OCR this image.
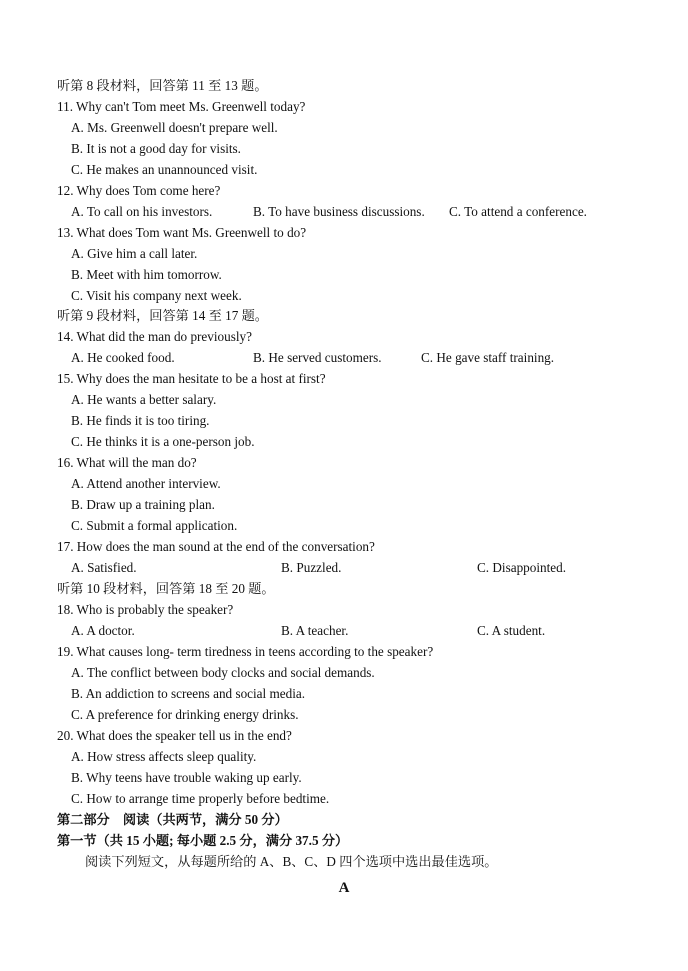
听第 8 段材料，回答第 11 至 13 题。
11. Why can't Tom meet Ms. Greenwell today?
A. Ms. Greenwell doesn't prepare well.
B. It is not a good day for visits.
C. He makes an unannounced visit.
12. Why does Tom come here?
A. To call on his investors.	B. To have business discussions. C. To attend a conference.
13. What does Tom want Ms. Greenwell to do?
A. Give him a call later.
B. Meet with him tomorrow.
C. Visit his company next week.
听第 9 段材料，回答第 14 至 17 题。
14. What did the man do previously?
A. He cooked food.	B. He served customers.	C. He gave staff training.
15. Why does the man hesitate to be a host at first?
A. He wants a better salary.
B. He finds it is too tiring.
C. He thinks it is a one-person job.
16. What will the man do?
A. Attend another interview.
B. Draw up a training plan.
C. Submit a formal application.
17. How does the man sound at the end of the conversation?
A. Satisfied.	B. Puzzled.	C. Disappointed.
听第 10 段材料，回答第 18 至 20 题。
18. Who is probably the speaker?
A. A doctor.	B. A teacher.	C. A student.
19. What causes long- term tiredness in teens according to the speaker?
A. The conflict between body clocks and social demands.
B. An addiction to screens and social media.
C. A preference for drinking energy drinks.
20. What does the speaker tell us in the end?
A. How stress affects sleep quality.
B. Why teens have trouble waking up early.
C. How to arrange time properly before bedtime.
第二部分　阅读（共两节，满分 50 分）
第一节（共 15 小题; 每小题 2.5 分，满分 37.5 分）
阅读下列短文，从每题所给的 A、B、C、D 四个选项中选出最佳选项。
A
